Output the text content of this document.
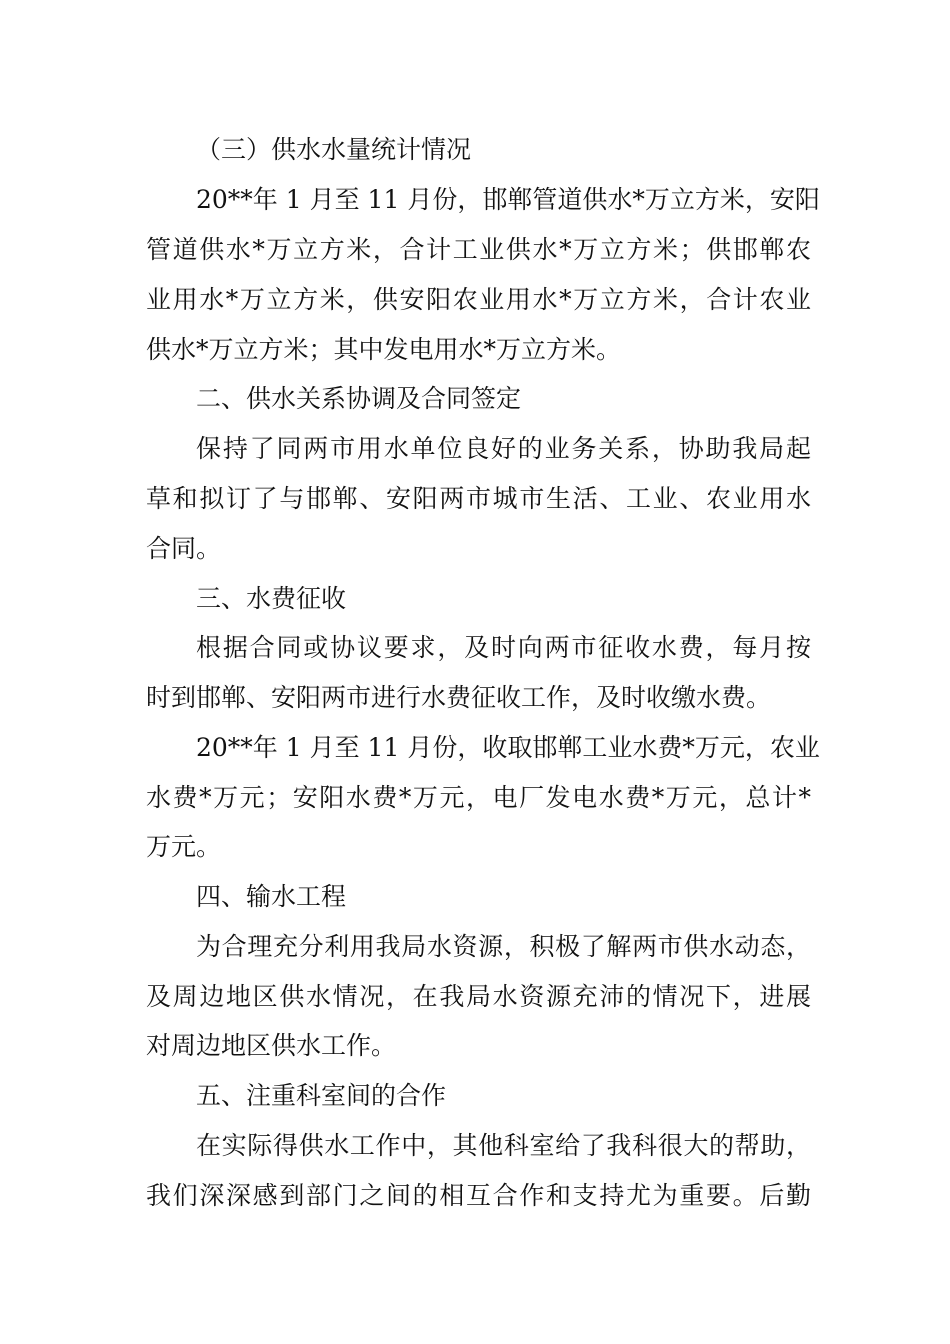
（三）供水水量统计情况
20**年 1 月至 11 月份，邯郸管道供水*万立方米，安阳
管道供水*万立方米，合计工业供水*万立方米；供邯郸农
业用水*万立方米，供安阳农业用水*万立方米，合计农业
供水*万立方米；其中发电用水*万立方米。
二、供水关系协调及合同签定
保持了同两市用水单位良好的业务关系，协助我局起
草和拟订了与邯郸、安阳两市城市生活、工业、农业用水
合同。
三、水费征收
根据合同或协议要求，及时向两市征收水费，每月按
时到邯郸、安阳两市进行水费征收工作，及时收缴水费。
20**年 1 月至 11 月份，收取邯郸工业水费*万元，农业
水费*万元；安阳水费*万元，电厂发电水费*万元，总计*
万元。
四、输水工程
为合理充分利用我局水资源，积极了解两市供水动态，
及周边地区供水情况，在我局水资源充沛的情况下，进展
对周边地区供水工作。
五、注重科室间的合作
在实际得供水工作中，其他科室给了我科很大的帮助，
我们深深感到部门之间的相互合作和支持尤为重要。后勤
